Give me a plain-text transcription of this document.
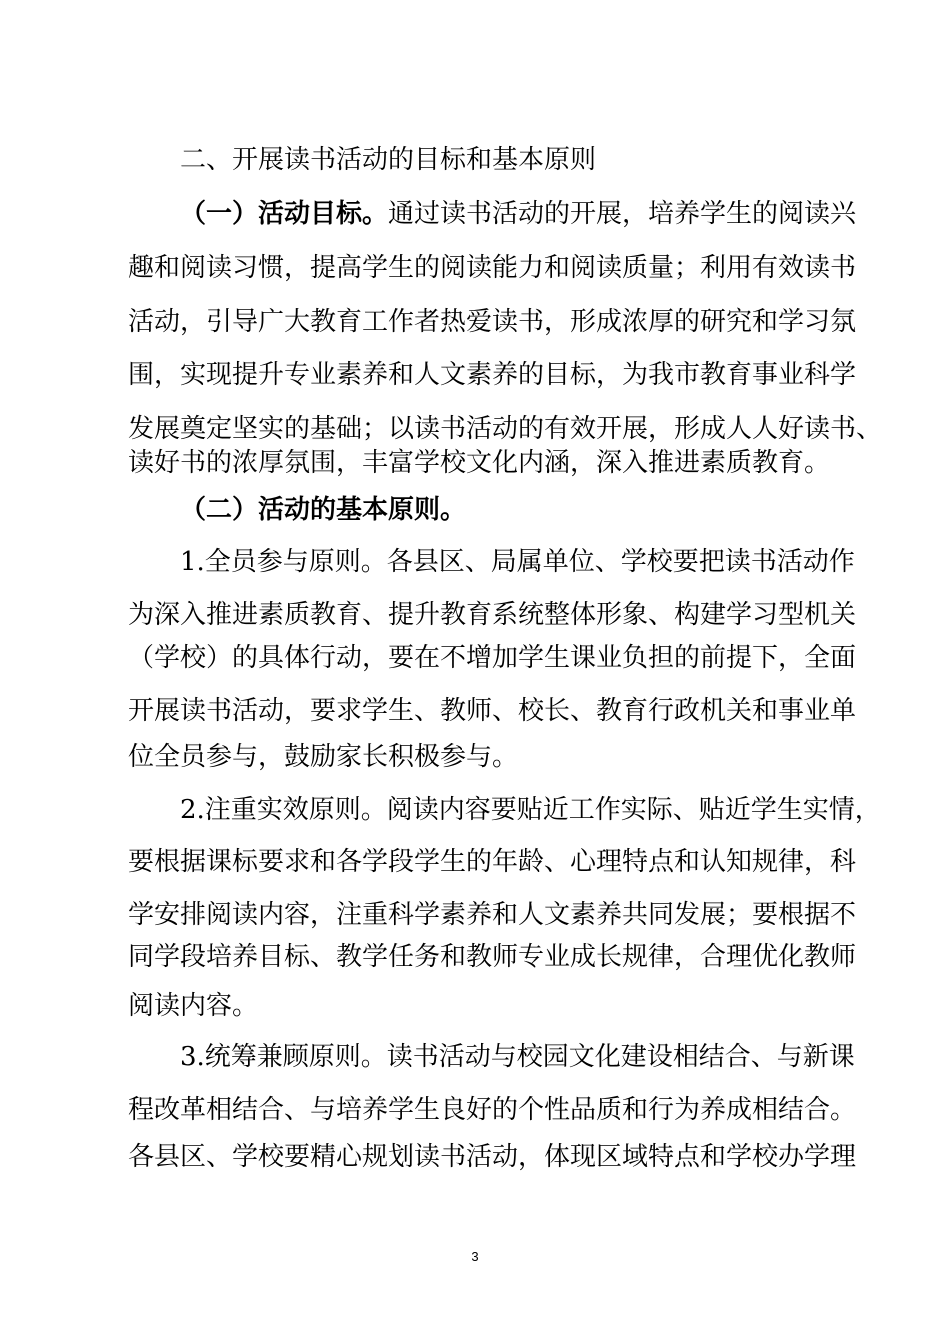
二、开展读书活动的目标和基本原则
（一）活动目标。通过读书活动的开展，培养学生的阅读兴
趣和阅读习惯，提高学生的阅读能力和阅读质量；利用有效读书
活动，引导广大教育工作者热爱读书，形成浓厚的研究和学习氛
围，实现提升专业素养和人文素养的目标，为我市教育事业科学
发展奠定坚实的基础；以读书活动的有效开展，形成人人好读书、
读好书的浓厚氛围，丰富学校文化内涵，深入推进素质教育。
（二）活动的基本原则。
1.全员参与原则。各县区、局属单位、学校要把读书活动作
为深入推进素质教育、提升教育系统整体形象、构建学习型机关
（学校）的具体行动，要在不增加学生课业负担的前提下，全面
开展读书活动，要求学生、教师、校长、教育行政机关和事业单
位全员参与，鼓励家长积极参与。
2.注重实效原则。阅读内容要贴近工作实际、贴近学生实情，
要根据课标要求和各学段学生的年龄、心理特点和认知规律，科
学安排阅读内容，注重科学素养和人文素养共同发展；要根据不
同学段培养目标、教学任务和教师专业成长规律，合理优化教师
阅读内容。
3.统筹兼顾原则。读书活动与校园文化建设相结合、与新课
程改革相结合、与培养学生良好的个性品质和行为养成相结合。
各县区、学校要精心规划读书活动，体现区域特点和学校办学理
3
